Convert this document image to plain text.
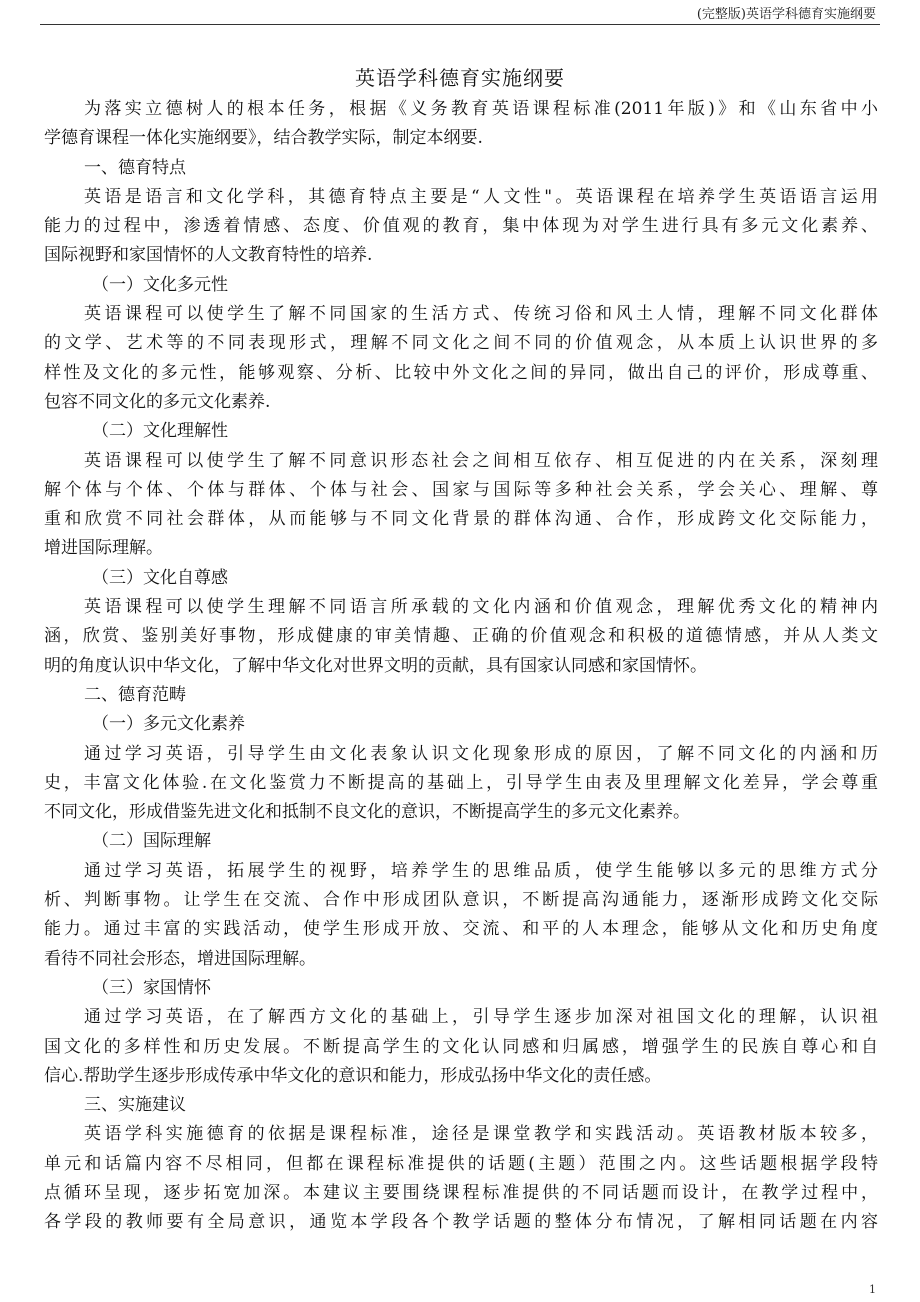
(完整版)英语学科德育实施纲要
英语学科德育实施纲要
为落实立德树人的根本任务，根据《义务教育英语课程标准(2011年版)》和《山东省中小
学德育课程一体化实施纲要》，结合教学实际，制定本纲要.
一、德育特点
英语是语言和文化学科，其德育特点主要是“人文性"。英语课程在培养学生英语语言运用
能力的过程中，渗透着情感、态度、价值观的教育，集中体现为对学生进行具有多元文化素养、
国际视野和家国情怀的人文教育特性的培养.
（一）文化多元性
英语课程可以使学生了解不同国家的生活方式、传统习俗和风土人情，理解不同文化群体
的文学、艺术等的不同表现形式，理解不同文化之间不同的价值观念，从本质上认识世界的多
样性及文化的多元性，能够观察、分析、比较中外文化之间的异同，做出自己的评价，形成尊重、
包容不同文化的多元文化素养.
（二）文化理解性
英语课程可以使学生了解不同意识形态社会之间相互依存、相互促进的内在关系，深刻理
解个体与个体、个体与群体、个体与社会、国家与国际等多种社会关系，学会关心、理解、尊
重和欣赏不同社会群体，从而能够与不同文化背景的群体沟通、合作，形成跨文化交际能力，
增进国际理解。
（三）文化自尊感
英语课程可以使学生理解不同语言所承载的文化内涵和价值观念，理解优秀文化的精神内
涵，欣赏、鉴别美好事物，形成健康的审美情趣、正确的价值观念和积极的道德情感，并从人类文
明的角度认识中华文化，了解中华文化对世界文明的贡献，具有国家认同感和家国情怀。
二、德育范畴
（一）多元文化素养
通过学习英语，引导学生由文化表象认识文化现象形成的原因，了解不同文化的内涵和历
史，丰富文化体验.在文化鉴赏力不断提高的基础上，引导学生由表及里理解文化差异，学会尊重
不同文化，形成借鉴先进文化和抵制不良文化的意识，不断提高学生的多元文化素养。
（二）国际理解
通过学习英语，拓展学生的视野，培养学生的思维品质，使学生能够以多元的思维方式分
析、判断事物。让学生在交流、合作中形成团队意识，不断提高沟通能力，逐渐形成跨文化交际
能力。通过丰富的实践活动，使学生形成开放、交流、和平的人本理念，能够从文化和历史角度
看待不同社会形态，增进国际理解。
（三）家国情怀
通过学习英语，在了解西方文化的基础上，引导学生逐步加深对祖国文化的理解，认识祖
国文化的多样性和历史发展。不断提高学生的文化认同感和归属感，增强学生的民族自尊心和自
信心.帮助学生逐步形成传承中华文化的意识和能力，形成弘扬中华文化的责任感。
三、实施建议
英语学科实施德育的依据是课程标准，途径是课堂教学和实践活动。英语教材版本较多，
单元和话篇内容不尽相同，但都在课程标准提供的话题(主题）范围之内。这些话题根据学段特
点循环呈现，逐步拓宽加深。本建议主要围绕课程标准提供的不同话题而设计，在教学过程中，
各学段的教师要有全局意识，通览本学段各个教学话题的整体分布情况，了解相同话题在内容
1
